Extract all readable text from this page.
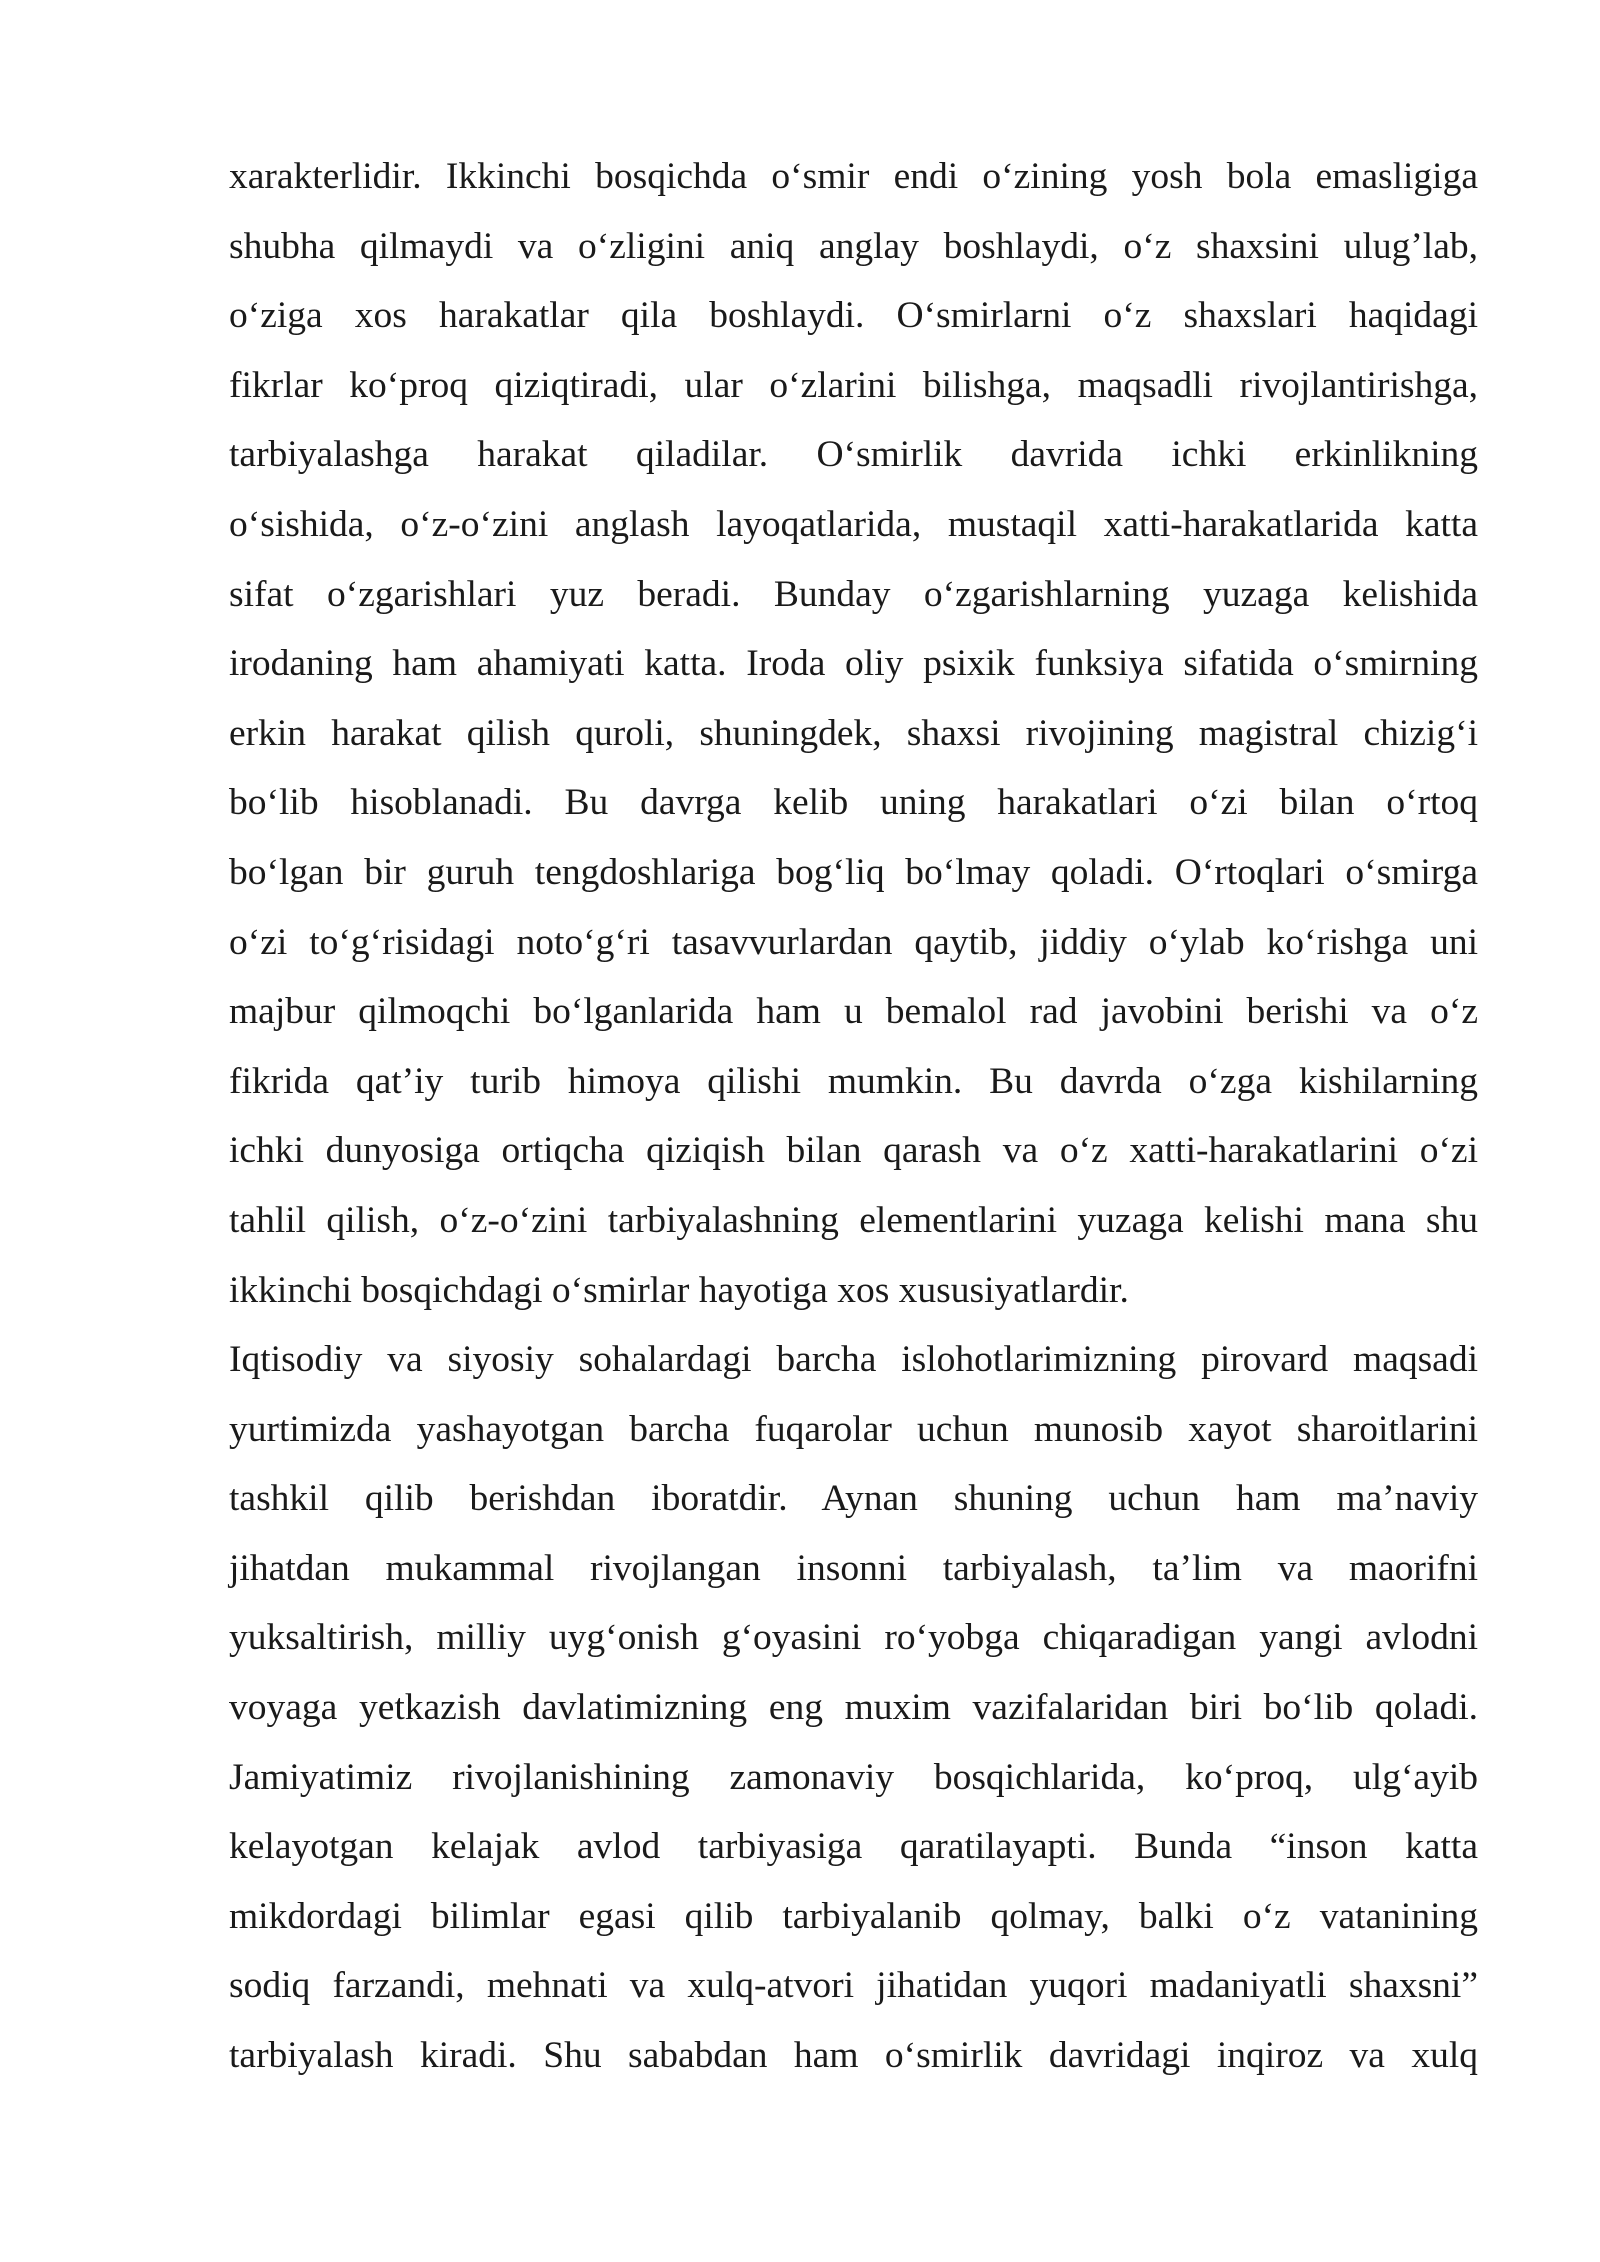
xarakterlidir. Ikkinchi bosqichda o‘smir endi o‘zining yosh bola emasligiga
shubha qilmaydi va o‘zligini aniq anglay boshlaydi, o‘z shaxsini ulug’lab,
o‘ziga xos harakatlar qila boshlaydi. O‘smirlarni o‘z shaxslari haqidagi
fikrlar ko‘proq qiziqtiradi, ular o‘zlarini bilishga, maqsadli rivojlantirishga,
tarbiyalashga harakat qiladilar. O‘smirlik davrida ichki erkinlikning
o‘sishida, o‘z-o‘zini anglash layoqatlarida, mustaqil xatti-harakatlarida katta
sifat o‘zgarishlari yuz beradi. Bunday o‘zgarishlarning yuzaga kelishida
irodaning ham ahamiyati katta. Iroda oliy psixik funksiya sifatida o‘smirning
erkin harakat qilish quroli, shuningdek, shaxsi rivojining magistral chizig‘i
bo‘lib hisoblanadi. Bu davrga kelib uning harakatlari o‘zi bilan o‘rtoq
bo‘lgan bir guruh tengdoshlariga bog‘liq bo‘lmay qoladi. O‘rtoqlari o‘smirga
o‘zi to‘g‘risidagi noto‘g‘ri tasavvurlardan qaytib, jiddiy o‘ylab ko‘rishga uni
majbur qilmoqchi bo‘lganlarida ham u bemalol rad javobini berishi va o‘z
fikrida qat’iy turib himoya qilishi mumkin. Bu davrda o‘zga kishilarning
ichki dunyosiga ortiqcha qiziqish bilan qarash va o‘z xatti-harakatlarini o‘zi
tahlil qilish, o‘z-o‘zini tarbiyalashning elementlarini yuzaga kelishi mana shu
ikkinchi bosqichdagi o‘smirlar hayotiga xos xususiyatlardir.

Iqtisodiy va siyosiy sohalardagi barcha islohotlarimizning pirovard maqsadi
yurtimizda yashayotgan barcha fuqarolar uchun munosib xayot sharoitlarini
tashkil qilib berishdan iboratdir. Aynan shuning uchun ham ma’naviy
jihatdan mukammal rivojlangan insonni tarbiyalash, ta’lim va maorifni
yuksaltirish, milliy uyg‘onish g‘oyasini ro‘yobga chiqaradigan yangi avlodni
voyaga yetkazish davlatimizning eng muxim vazifalaridan biri bo‘lib qoladi.
Jamiyatimiz rivojlanishining zamonaviy bosqichlarida, ko‘proq, ulg‘ayib
kelayotgan kelajak avlod tarbiyasiga qaratilayapti. Bunda “inson katta
mikdordagi bilimlar egasi qilib tarbiyalanib qolmay, balki o‘z vatanining
sodiq farzandi, mehnati va xulq-atvori jihatidan yuqori madaniyatli shaxsni”
tarbiyalash kiradi. Shu sababdan ham o‘smirlik davridagi inqiroz va xulq
